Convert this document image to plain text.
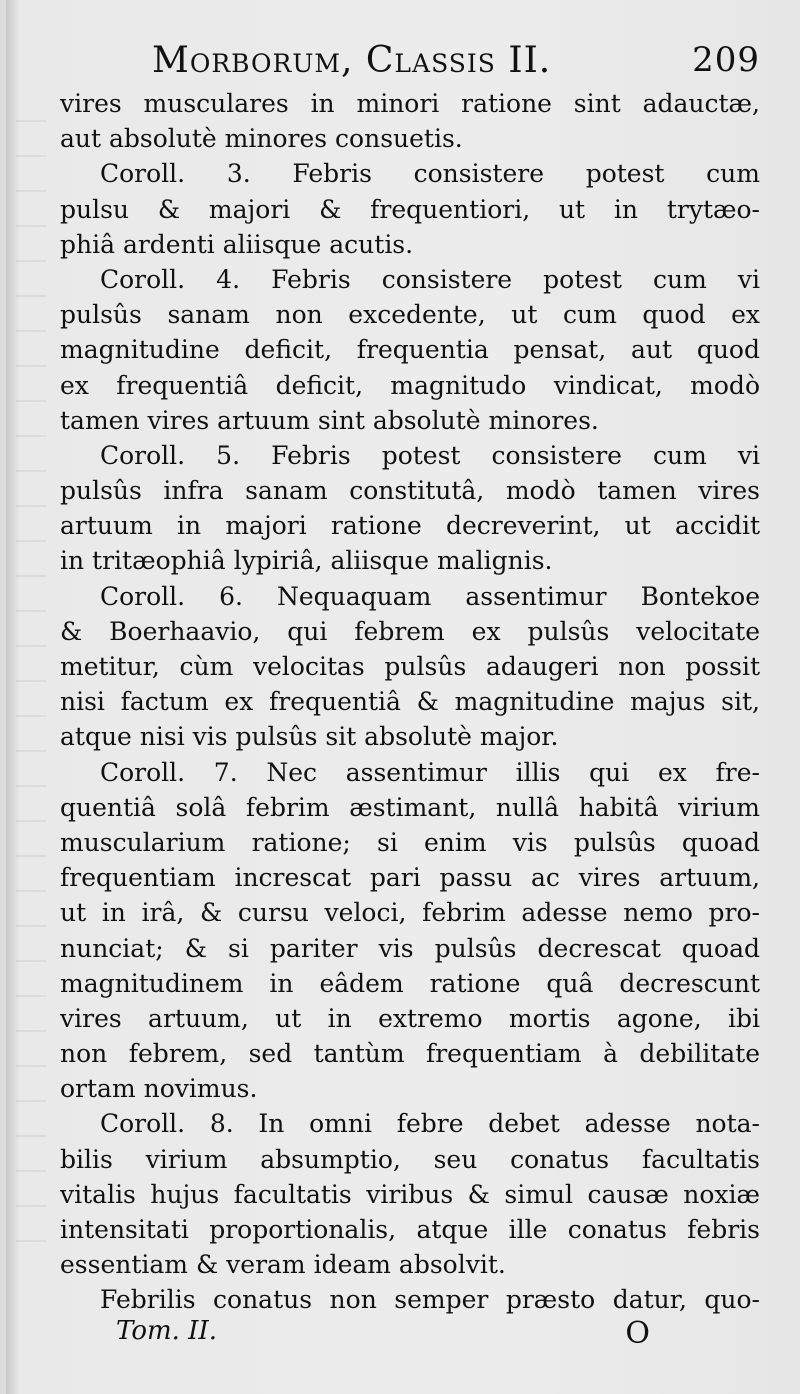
Morborum, Classis II.	209
vires musculares in minori ratione sint adauctæ,
aut absolutè minores consuetis.
Coroll. 3. Febris consistere potest cum
pulsu & majori & frequentiori, ut in trytæo-
phiâ ardenti aliisque acutis.
Coroll. 4. Febris consistere potest cum vi
pulsûs sanam non excedente, ut cum quod ex
magnitudine deficit, frequentia pensat, aut quod
ex frequentiâ deficit, magnitudo vindicat, modò
tamen vires artuum sint absolutè minores.
Coroll. 5. Febris potest consistere cum vi
pulsûs infra sanam constitutâ, modò tamen vires
artuum in majori ratione decreverint, ut accidit
in tritæophiâ lypiriâ, aliisque malignis.
Coroll. 6. Nequaquam assentimur Bontekoe
& Boerhaavio, qui febrem ex pulsûs velocitate
metitur, cùm velocitas pulsûs adaugeri non possit
nisi factum ex frequentiâ & magnitudine majus sit,
atque nisi vis pulsûs sit absolutè major.
Coroll. 7. Nec assentimur illis qui ex fre-
quentiâ solâ febrim æstimant, nullâ habitâ virium
muscularium ratione; si enim vis pulsûs quoad
frequentiam increscat pari passu ac vires artuum,
ut in irâ, & cursu veloci, febrim adesse nemo pro-
nunciat; & si pariter vis pulsûs decrescat quoad
magnitudinem in eâdem ratione quâ decrescunt
vires artuum, ut in extremo mortis agone, ibi
non febrem, sed tantùm frequentiam à debilitate
ortam novimus.
Coroll. 8. In omni febre debet adesse nota-
bilis virium absumptio, seu conatus facultatis
vitalis hujus facultatis viribus & simul causæ noxiæ
intensitati proportionalis, atque ille conatus febris
essentiam & veram ideam absolvit.
Febrilis conatus non semper præsto datur, quo-
Tom. II.	O
